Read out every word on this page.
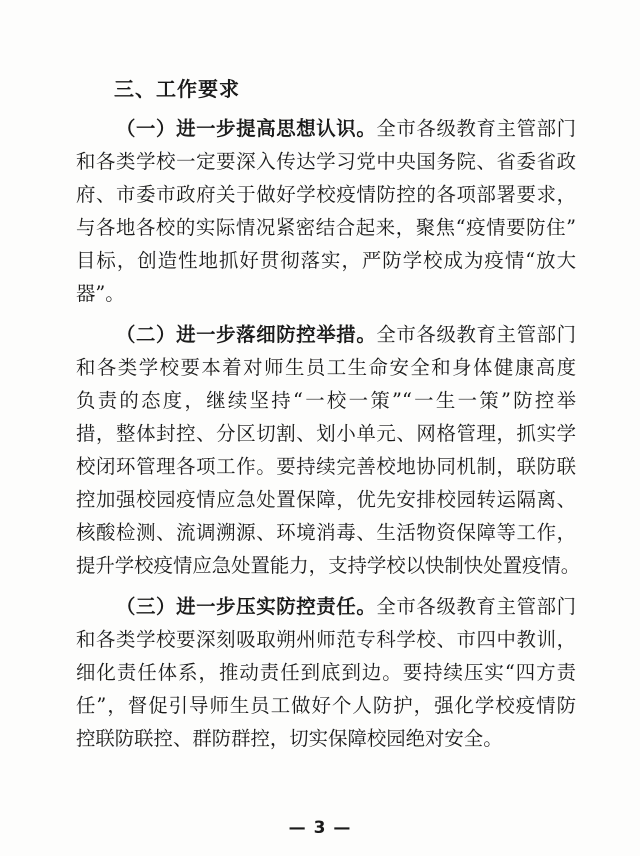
三、工作要求
（一）进一步提高思想认识。全市各级教育主管部门
和各类学校一定要深入传达学习党中央国务院、省委省政
府、市委市政府关于做好学校疫情防控的各项部署要求，
与各地各校的实际情况紧密结合起来，聚焦“疫情要防住”
目标，创造性地抓好贯彻落实，严防学校成为疫情“放大
器”。
（二）进一步落细防控举措。全市各级教育主管部门
和各类学校要本着对师生员工生命安全和身体健康高度
负责的态度，继续坚持“一校一策”“一生一策”防控举
措，整体封控、分区切割、划小单元、网格管理，抓实学
校闭环管理各项工作。要持续完善校地协同机制，联防联
控加强校园疫情应急处置保障，优先安排校园转运隔离、
核酸检测、流调溯源、环境消毒、生活物资保障等工作，
提升学校疫情应急处置能力，支持学校以快制快处置疫情。
（三）进一步压实防控责任。全市各级教育主管部门
和各类学校要深刻吸取朔州师范专科学校、市四中教训，
细化责任体系，推动责任到底到边。要持续压实“四方责
任”，督促引导师生员工做好个人防护，强化学校疫情防
控联防联控、群防群控，切实保障校园绝对安全。
— 3 —
